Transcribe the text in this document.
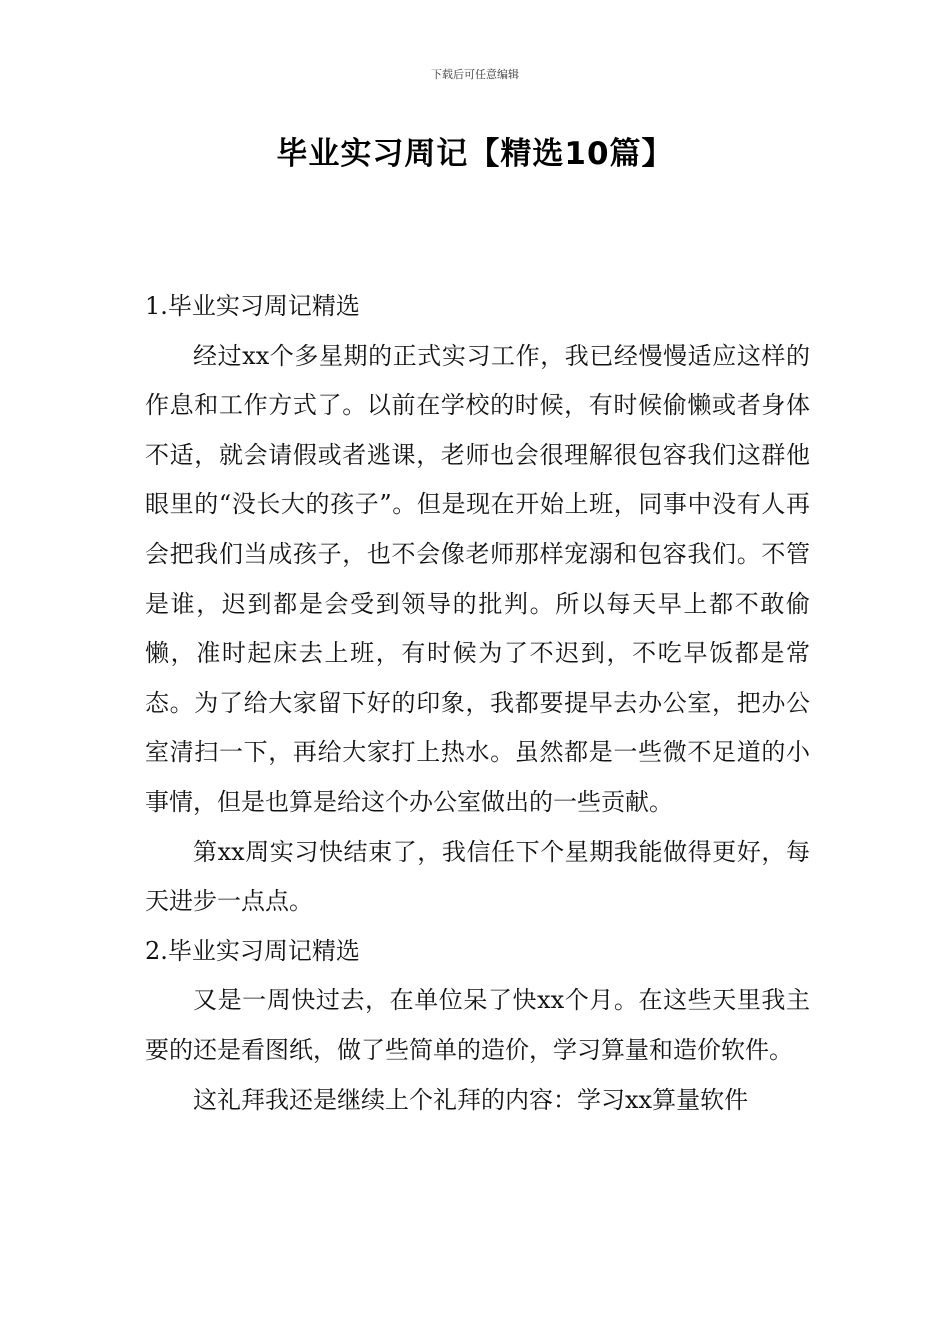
下载后可任意编辑
毕业实习周记【精选10篇】

1.毕业实习周记精选

经过xx个多星期的正式实习工作，我已经慢慢适应这样的作息和工作方式了。以前在学校的时候，有时候偷懒或者身体不适，就会请假或者逃课，老师也会很理解很包容我们这群他眼里的“没长大的孩子”。但是现在开始上班，同事中没有人再会把我们当成孩子，也不会像老师那样宠溺和包容我们。不管是谁，迟到都是会受到领导的批判。所以每天早上都不敢偷懒，准时起床去上班，有时候为了不迟到，不吃早饭都是常态。为了给大家留下好的印象，我都要提早去办公室，把办公室清扫一下，再给大家打上热水。虽然都是一些微不足道的小事情，但是也算是给这个办公室做出的一些贡献。

第xx周实习快结束了，我信任下个星期我能做得更好，每天进步一点点。

2.毕业实习周记精选

又是一周快过去，在单位呆了快xx个月。在这些天里我主要的还是看图纸，做了些简单的造价，学习算量和造价软件。

这礼拜我还是继续上个礼拜的内容：学习xx算量软件
